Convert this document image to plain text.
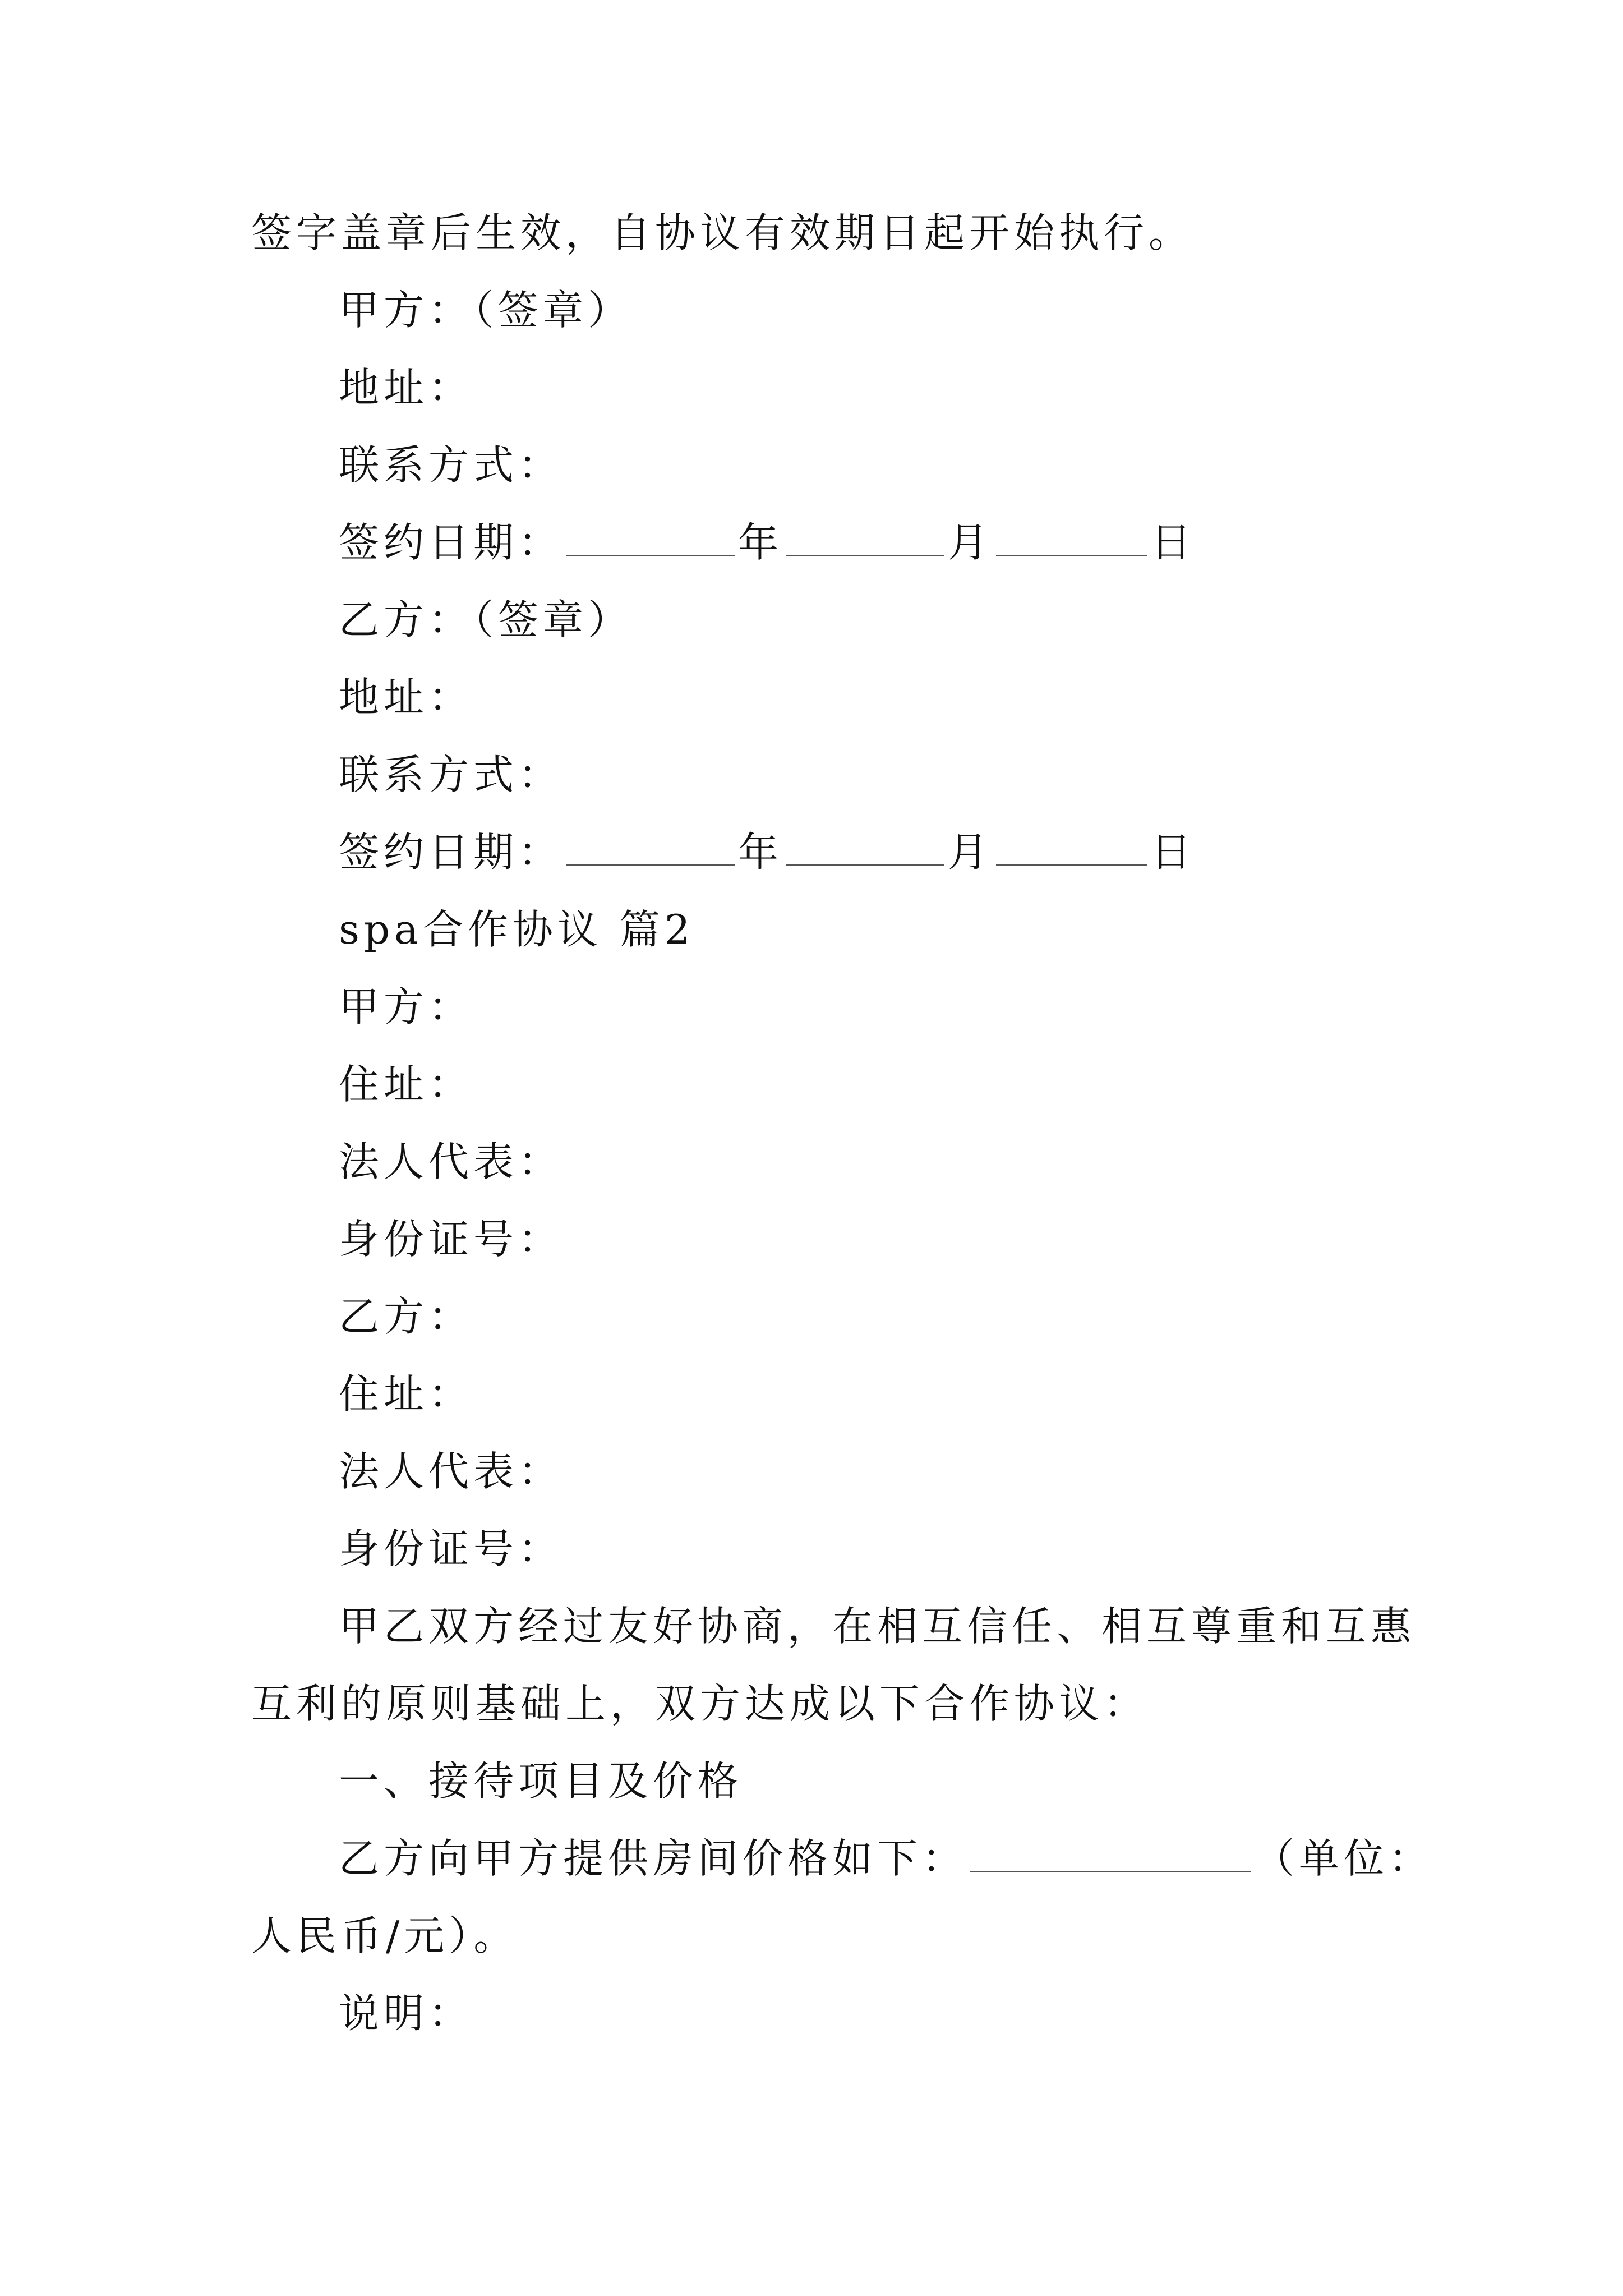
签字盖章后生效，自协议有效期日起开始执行。
甲方：（签章）
地址：
联系方式：
签约日期：	年	月	日
乙方：（签章）
地址：
联系方式：
签约日期：	年	月	日
spa合作协议 篇2
甲方：
住址：
法人代表：
身份证号：
乙方：
住址：
法人代表：
身份证号：
甲乙双方经过友好协商，在相互信任、相互尊重和互惠
互利的原则基础上，双方达成以下合作协议：
一、接待项目及价格
乙方向甲方提供房间价格如下：	（单位：
人民币/元）。
说明：
